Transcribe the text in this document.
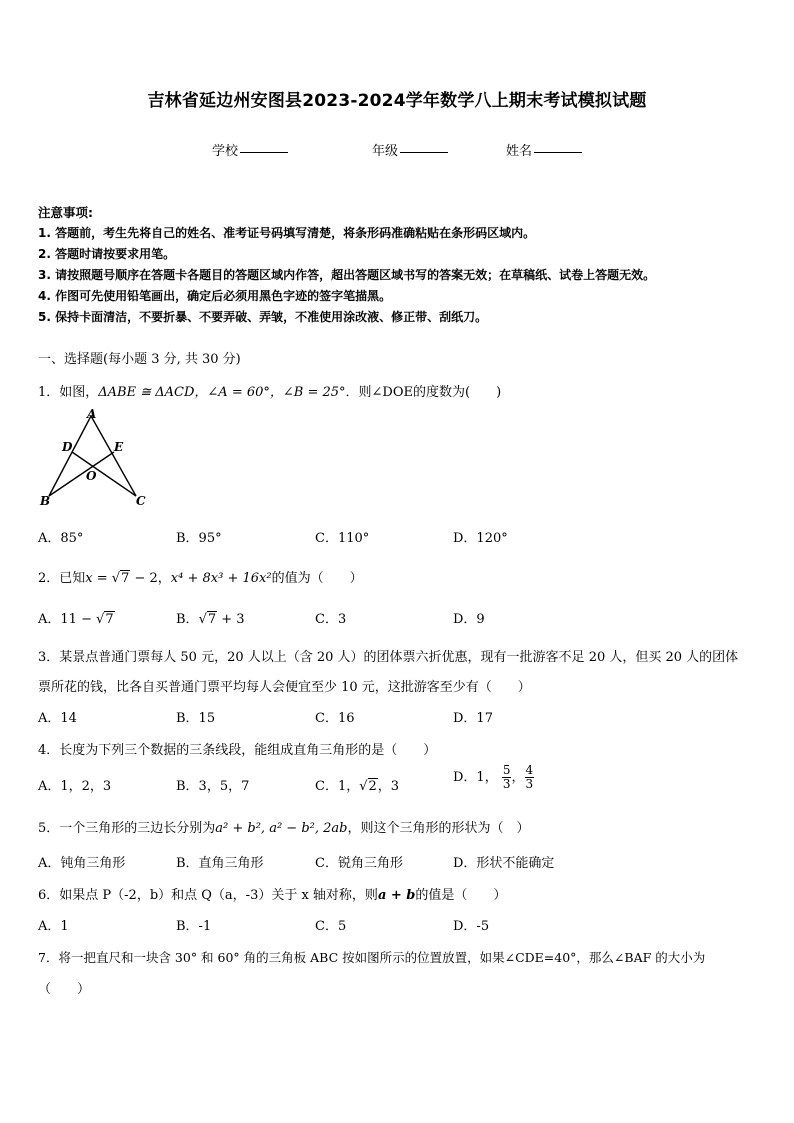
吉林省延边州安图县2023-2024学年数学八上期末考试模拟试题
学校	年级	姓名
注意事项:
1. 答题前，考生先将自己的姓名、准考证号码填写清楚，将条形码准确粘贴在条形码区域内。
2. 答题时请按要求用笔。
3. 请按照题号顺序在答题卡各题目的答题区域内作答，超出答题区域书写的答案无效；在草稿纸、试卷上答题无效。
4. 作图可先使用铅笔画出，确定后必须用黑色字迹的签字笔描黑。
5. 保持卡面清洁，不要折暴、不要弄破、弄皱，不准使用涂改液、修正带、刮纸刀。
一、选择题(每小题 3 分, 共 30 分)
1．如图，ΔABE ≅ ΔACD，∠A = 60°，∠B = 25°．则∠DOE的度数为(　　)
A
D	E
O
B	C
A．85°	B．95°	C．110°	D．120°
2．已知x = √7 − 2，x⁴ + 8x³ + 16x²的值为（　　）
A．11 − √7	B．√7 + 3	C．3	D．9
3．某景点普通门票每人 50 元，20 人以上（含 20 人）的团体票六折优惠，现有一批游客不足 20 人，但买 20 人的团体
票所花的钱，比各自买普通门票平均每人会便宜至少 10 元，这批游客至少有（　　）
A．14	B．15	C．16	D．17
4．长度为下列三个数据的三条线段，能组成直角三角形的是（　　）
A．1，2，3	B．3，5，7	C．1，√2，3
D．1， $\frac{5}{3}$ ， $\frac{4}{3}$
5．一个三角形的三边长分别为a² + b², a² − b², 2ab，则这个三角形的形状为（　）
A．钝角三角形	B．直角三角形	C．锐角三角形	D．形状不能确定
6．如果点 P（-2，b）和点 Q（a，-3）关于 x 轴对称，则a + b的值是（　　）
A．1	B．-1	C．5	D．-5
7．将一把直尺和一块含 30° 和 60° 角的三角板 ABC 按如图所示的位置放置，如果∠CDE=40°，那么∠BAF 的大小为
（　　）
